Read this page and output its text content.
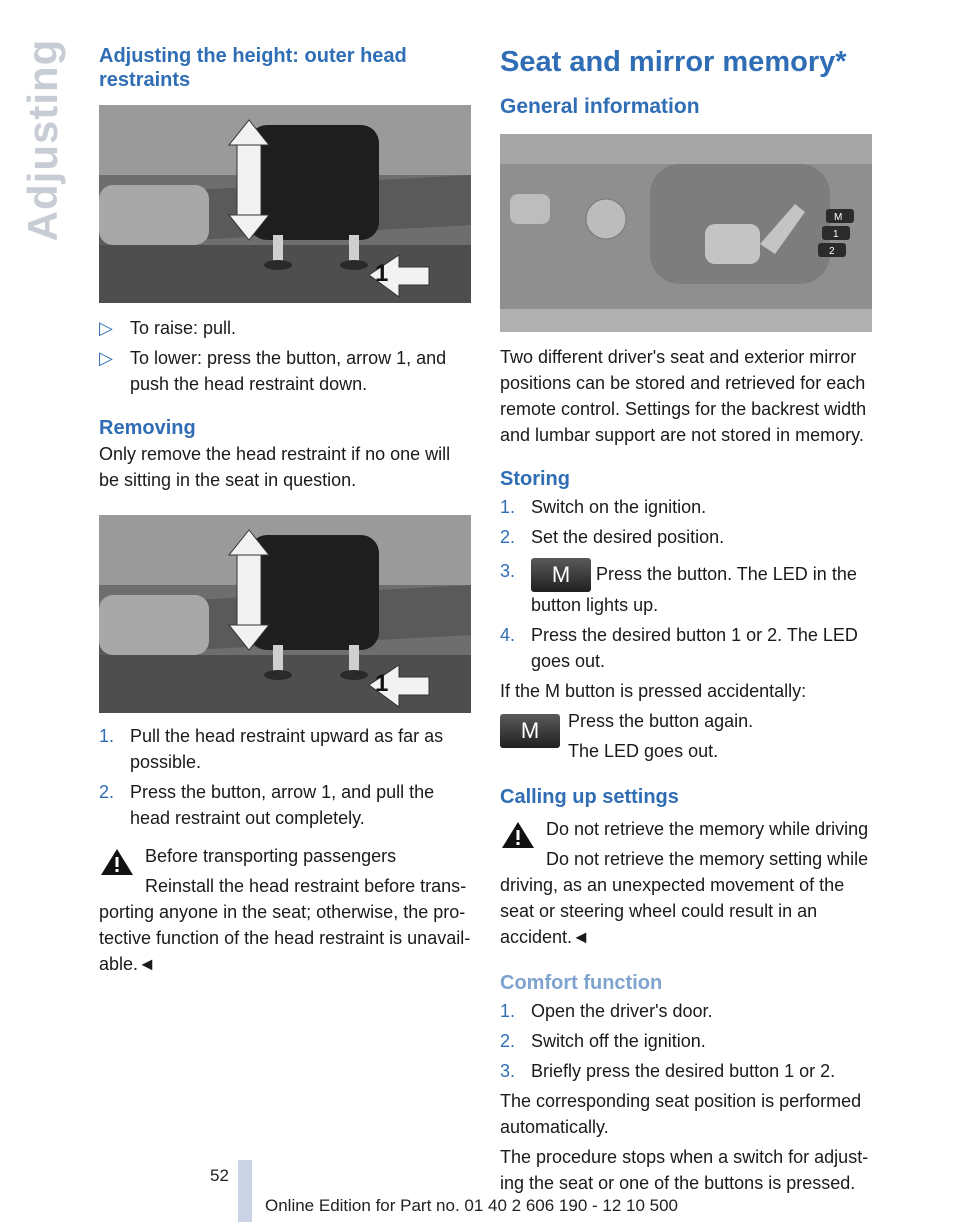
Adjusting Adjusting the height: outer head restraints
1
▷ To raise: pull.
▷ To lower: press the button, arrow 1, and push the head restraint down.
Removing

Only remove the head restraint if no one will be sitting in the seat in question.

1
1. Pull the head restraint upward as far as possible.
2. Press the button, arrow 1, and pull the head restraint out completely.

Before transporting passengers

Reinstall the head restraint before transporting anyone in the seat; otherwise, the protective function of the head restraint is unavailable.◄

Seat and mirror memory*
General information
M
1
2

Two different driver's seat and exterior mirror positions can be stored and retrieved for each remote control. Settings for the backrest width and lumbar support are not stored in memory.

Storing
1. Switch on the ignition.
2. Set the desired position.
3. M Press the button. The LED in the button lights up.
4. Press the desired button 1 or 2. The LED goes out.

If the M button is pressed accidentally:

M	Press the button again.

The LED goes out.

Calling up settings

Do not retrieve the memory while driving

Do not retrieve the memory setting while driving, as an unexpected movement of the seat or steering wheel could result in an accident.◄

Comfort function
1. Open the driver's door.
2. Switch off the ignition.
3. Briefly press the desired button 1 or 2.

The corresponding seat position is performed automatically.

The procedure stops when a switch for adjusting the seat or one of the buttons is pressed.

52
Online Edition for Part no. 01 40 2 606 190 - 12 10 500
